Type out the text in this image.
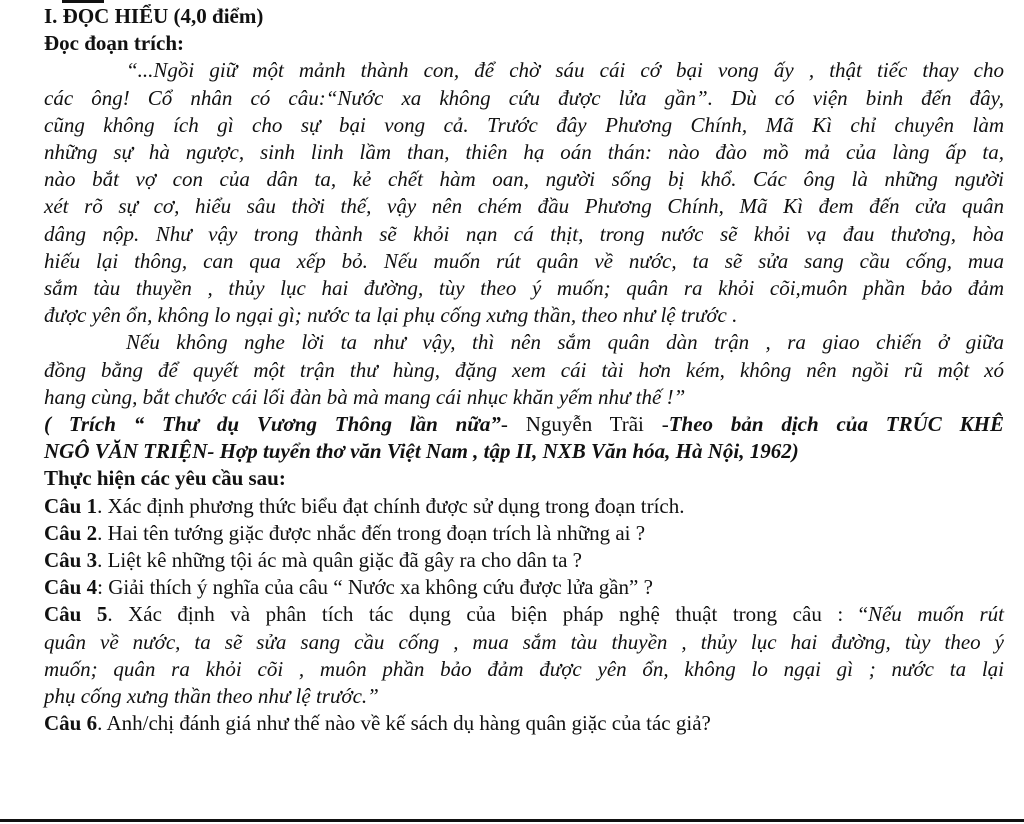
I. ĐỌC HIỂU (4,0 điểm)
Đọc đoạn trích:
“...Ngồi giữ một mảnh thành con, để chờ sáu cái cớ bại vong ấy , thật tiếc thay cho
các ông! Cổ nhân có câu:“Nước xa không cứu được lửa gần”. Dù có viện binh đến đây,
cũng không ích gì cho sự bại vong cả. Trước đây Phương Chính, Mã Kì chỉ chuyên làm
những sự hà ngược, sinh linh lầm than, thiên hạ oán thán: nào đào mồ mả của làng ấp ta,
nào bắt vợ con của dân ta, kẻ chết hàm oan, người sống bị khổ. Các ông là những người
xét rõ sự cơ, hiểu sâu thời thế, vậy nên chém đầu Phương Chính, Mã Kì đem đến cửa quân
dâng nộp. Như vậy trong thành sẽ khỏi nạn cá thịt, trong nước sẽ khỏi vạ đau thương, hòa
hiếu lại thông, can qua xếp bỏ. Nếu muốn rút quân về nước, ta sẽ sửa sang cầu cống, mua
sắm tàu thuyền , thủy lục hai đường, tùy theo ý muốn; quân ra khỏi cõi,muôn phần bảo đảm
được yên ổn, không lo ngại gì; nước ta lại phụ cống xưng thần, theo như lệ trước .
Nếu không nghe lời ta như vậy, thì nên sắm quân dàn trận , ra giao chiến ở giữa
đồng bằng để quyết một trận thư hùng, đặng xem cái tài hơn kém, không nên ngồi rũ một xó
hang cùng, bắt chước cái lối đàn bà mà mang cái nhục khăn yếm như thế !”
( Trích “ Thư dụ Vương Thông lần nữa”- Nguyễn Trãi -Theo bản dịch của TRÚC KHÊ
NGÔ VĂN TRIỆN- Hợp tuyển thơ văn Việt Nam , tập II, NXB Văn hóa, Hà Nội, 1962)
Thực hiện các yêu cầu sau:
Câu 1. Xác định phương thức biểu đạt chính được sử dụng trong đoạn trích.
Câu 2. Hai tên tướng giặc được nhắc đến trong đoạn trích là những ai ?
Câu 3. Liệt kê những tội ác mà quân giặc đã gây ra cho dân ta ?
Câu 4: Giải thích ý nghĩa của câu “ Nước xa không cứu được lửa gần” ?
Câu 5. Xác định và phân tích tác dụng của biện pháp nghệ thuật trong câu : “Nếu muốn rút
quân về nước, ta sẽ sửa sang cầu cống , mua sắm tàu thuyền , thủy lục hai đường, tùy theo ý
muốn; quân ra khỏi cõi , muôn phần bảo đảm được yên ổn, không lo ngại gì ; nước ta lại
phụ cống xưng thần theo như lệ trước.”
Câu 6. Anh/chị đánh giá như thế nào về kế sách dụ hàng quân giặc của tác giả?
